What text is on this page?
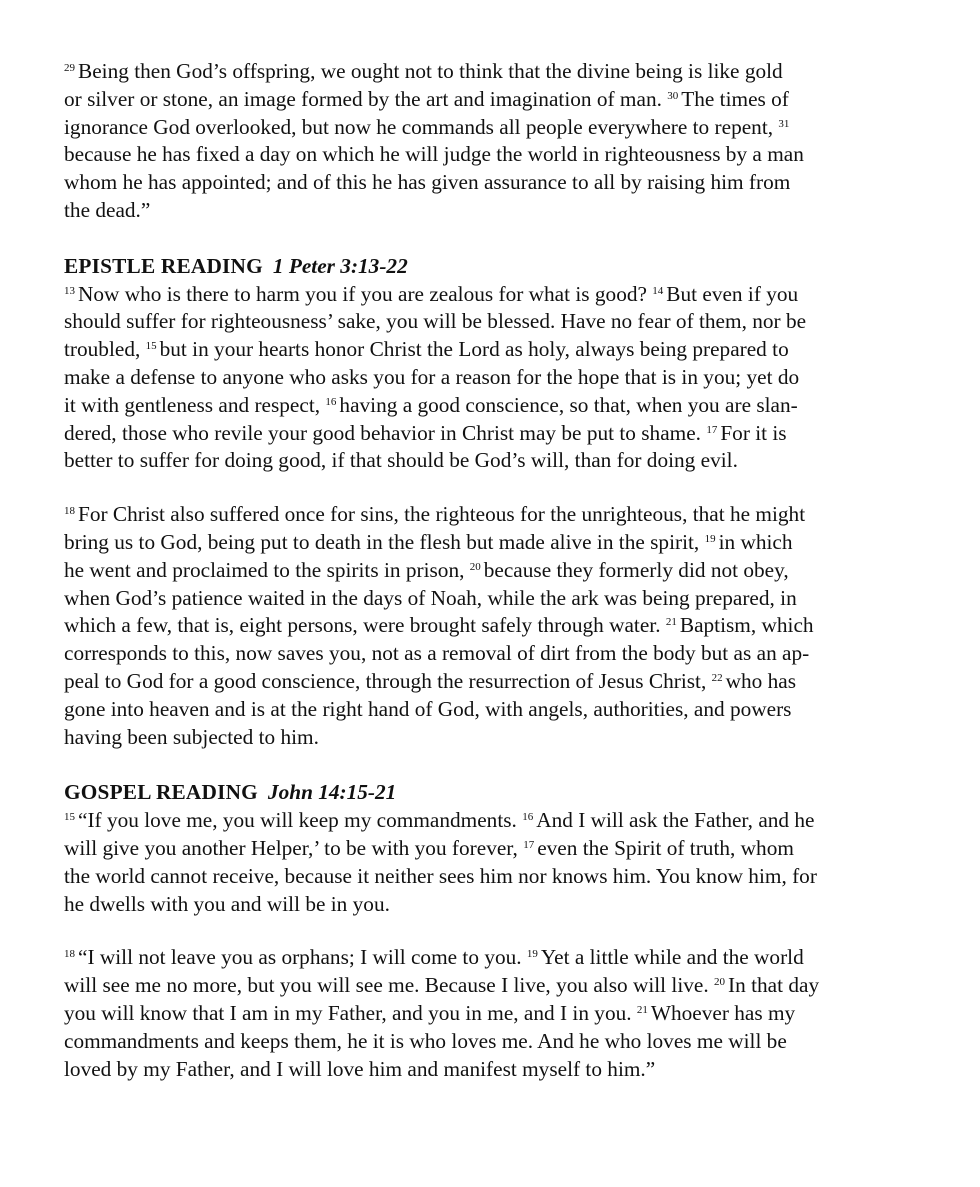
$^{29}$ Being then God’s offspring, we ought not to think that the divine being is like gold
or silver or stone, an image formed by the art and imagination of man. $^{30}$ The times of
ignorance God overlooked, but now he commands all people everywhere to repent, $^{31}$
because he has fixed a day on which he will judge the world in righteousness by a man
whom he has appointed; and of this he has given assurance to all by raising him from
the dead.”
EPISTLE READING 1 Peter 3:13-22
$^{13}$ Now who is there to harm you if you are zealous for what is good? $^{14}$ But even if you
should suffer for righteousness’ sake, you will be blessed. Have no fear of them, nor be
troubled, $^{15}$ but in your hearts honor Christ the Lord as holy, always being prepared to
make a defense to anyone who asks you for a reason for the hope that is in you; yet do
it with gentleness and respect, $^{16}$ having a good conscience, so that, when you are slan-
dered, those who revile your good behavior in Christ may be put to shame. $^{17}$ For it is
better to suffer for doing good, if that should be God’s will, than for doing evil.
$^{18}$ For Christ also suffered once for sins, the righteous for the unrighteous, that he might
bring us to God, being put to death in the flesh but made alive in the spirit, $^{19}$ in which
he went and proclaimed to the spirits in prison, $^{20}$ because they formerly did not obey,
when God’s patience waited in the days of Noah, while the ark was being prepared, in
which a few, that is, eight persons, were brought safely through water. $^{21}$ Baptism, which
corresponds to this, now saves you, not as a removal of dirt from the body but as an ap-
peal to God for a good conscience, through the resurrection of Jesus Christ, $^{22}$ who has
gone into heaven and is at the right hand of God, with angels, authorities, and powers
having been subjected to him.
GOSPEL READING John 14:15-21
$^{15}$ “If you love me, you will keep my commandments. $^{16}$ And I will ask the Father, and he
will give you another Helper,’ to be with you forever, $^{17}$ even the Spirit of truth, whom
the world cannot receive, because it neither sees him nor knows him. You know him, for
he dwells with you and will be in you.
$^{18}$ “I will not leave you as orphans; I will come to you. $^{19}$ Yet a little while and the world
will see me no more, but you will see me. Because I live, you also will live. $^{20}$ In that day
you will know that I am in my Father, and you in me, and I in you. $^{21}$ Whoever has my
commandments and keeps them, he it is who loves me. And he who loves me will be
loved by my Father, and I will love him and manifest myself to him.”
